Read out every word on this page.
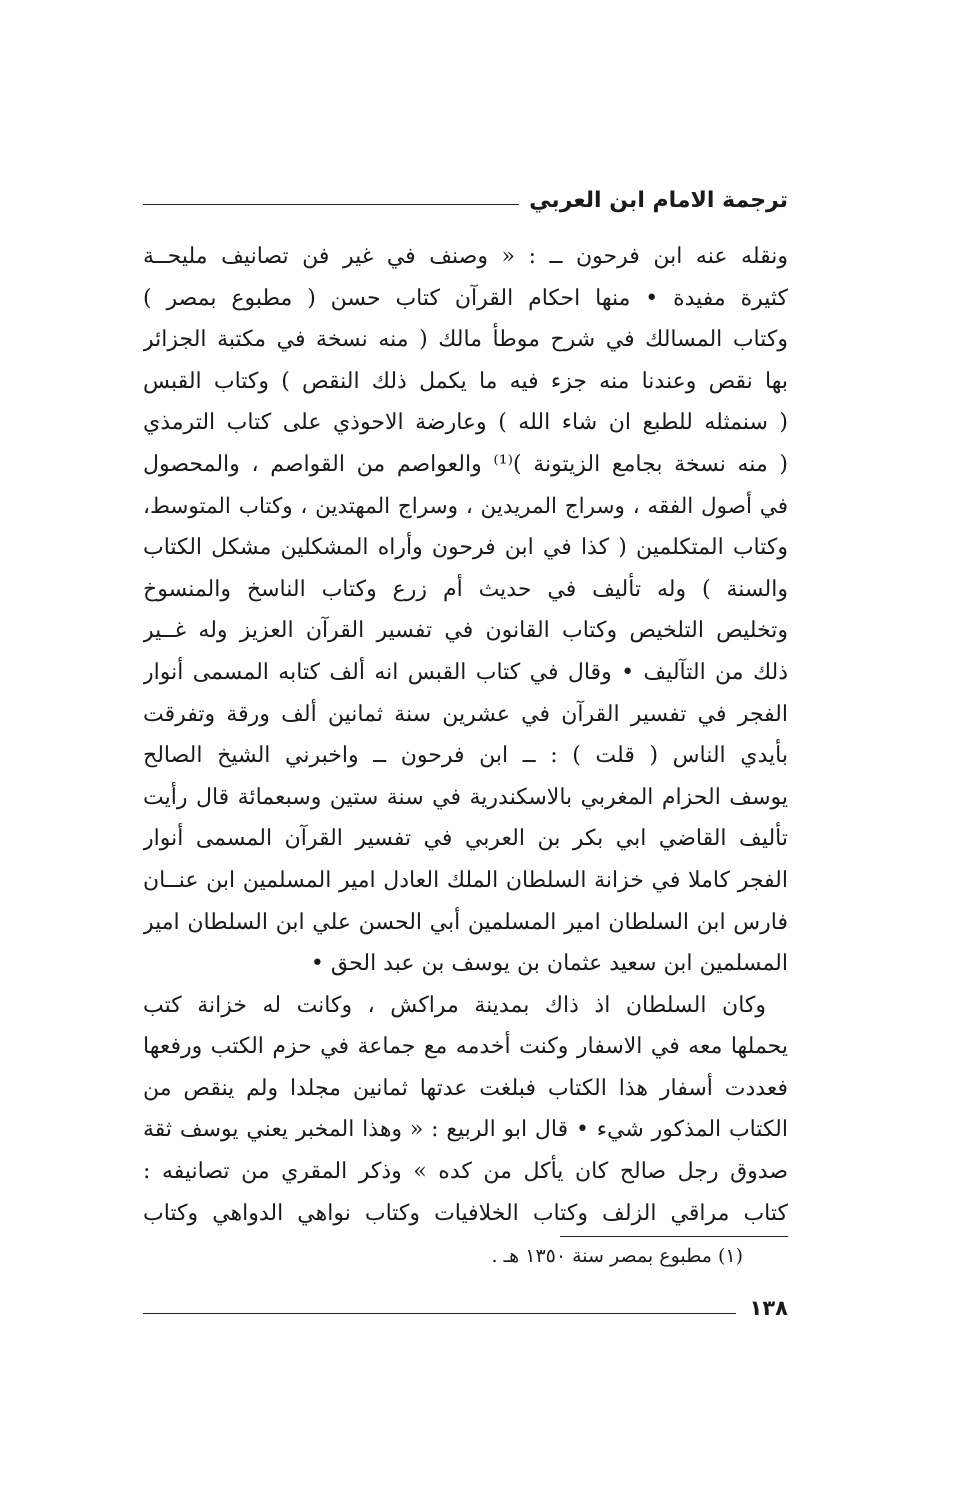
ترجمة الامام ابن العربي
ونقله عنه ابن فرحون ــ : « وصنف في غير فن تصانيف مليحــة
كثيرة مفيدة • منها احكام القرآن كتاب حسن ( مطبوع بمصر )
وكتاب المسالك في شرح موطأ مالك ( منه نسخة في مكتبة الجزائر
بها نقص وعندنا منه جزء فيه ما يكمل ذلك النقص ) وكتاب القبس
( سنمثله للطبع ان شاء الله ) وعارضة الاحوذي على كتاب الترمذي
( منه نسخة بجامع الزيتونة )⁽¹⁾ والعواصم من القواصم ، والمحصول
في أصول الفقه ، وسراج المريدين ، وسراج المهتدين ، وكتاب المتوسط،
وكتاب المتكلمين ( كذا في ابن فرحون وأراه المشكلين مشكل الكتاب
والسنة ) وله تأليف في حديث أم زرع وكتاب الناسخ والمنسوخ
وتخليص التلخيص وكتاب القانون في تفسير القرآن العزيز وله غــير
ذلك من التآليف • وقال في كتاب القبس انه ألف كتابه المسمى أنوار
الفجر في تفسير القرآن في عشرين سنة ثمانين ألف ورقة وتفرقت
بأيدي الناس ( قلت ) : ــ ابن فرحون ــ واخبرني الشيخ الصالح
يوسف الحزام المغربي بالاسكندرية في سنة ستين وسبعمائة قال رأيت
تأليف القاضي ابي بكر بن العربي في تفسير القرآن المسمى أنوار
الفجر كاملا في خزانة السلطان الملك العادل امير المسلمين ابن عنــان
فارس ابن السلطان امير المسلمين أبي الحسن علي ابن السلطان امير
المسلمين ابن سعيد عثمان بن يوسف بن عبد الحق •
وكان السلطان اذ ذاك بمدينة مراكش ، وكانت له خزانة كتب
يحملها معه في الاسفار وكنت أخدمه مع جماعة في حزم الكتب ورفعها
فعددت أسفار هذا الكتاب فبلغت عدتها ثمانين مجلدا ولم ينقص من
الكتاب المذكور شيء • قال ابو الربيع : « وهذا المخبر يعني يوسف ثقة
صدوق رجل صالح كان يأكل من كده » وذكر المقري من تصانيفه :
كتاب مراقي الزلف وكتاب الخلافيات وكتاب نواهي الدواهي وكتاب
(١) مطبوع بمصر سنة ١٣٥٠ هـ .
١٣٨
